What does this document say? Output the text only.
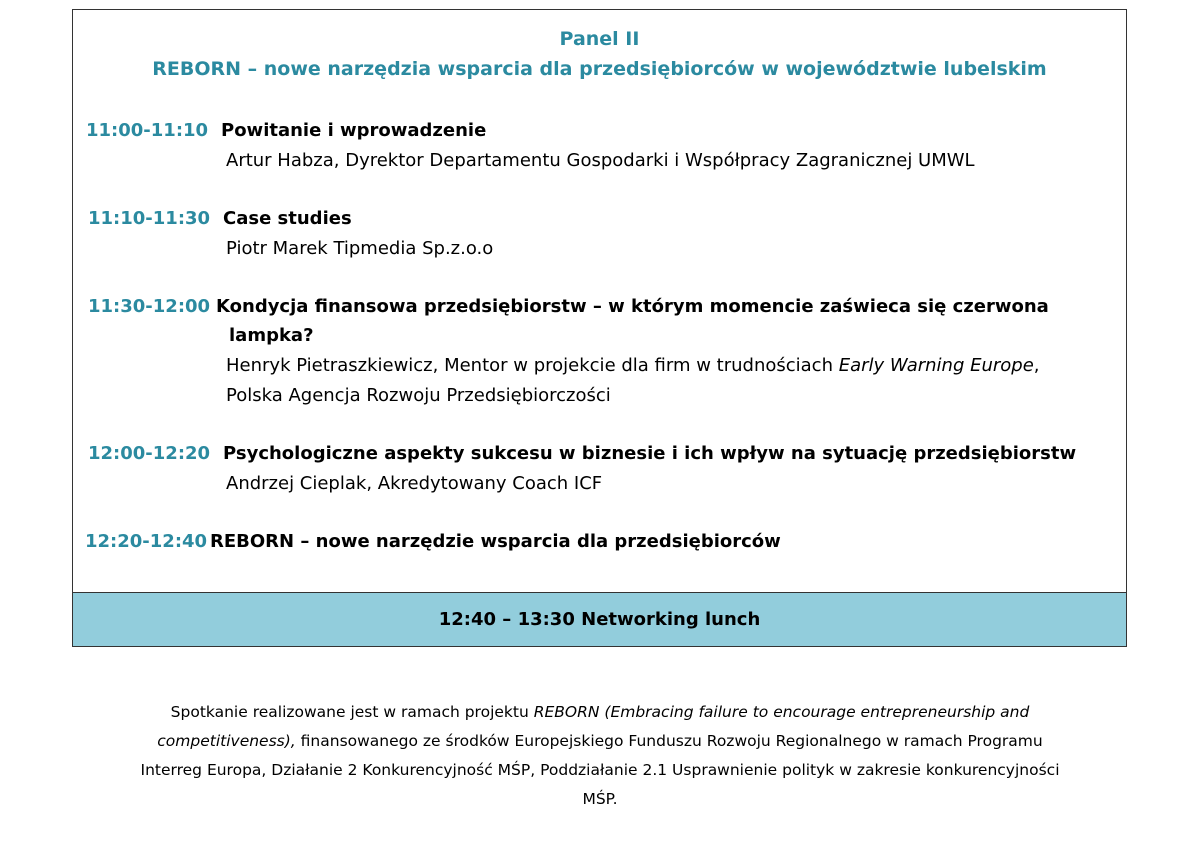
Panel II
REBORN – nowe narzędzia wsparcia dla przedsiębiorców w województwie lubelskim
11:00-11:10 Powitanie i wprowadzenie
Artur Habza, Dyrektor Departamentu Gospodarki i Współpracy Zagranicznej UMWL
11:10-11:30 Case studies
Piotr Marek Tipmedia Sp.z.o.o
11:30-12:00 Kondycja finansowa przedsiębiorstw – w którym momencie zaświeca się czerwona
lampka?
Henryk Pietraszkiewicz, Mentor w projekcie dla firm w trudnościach Early Warning Europe,
Polska Agencja Rozwoju Przedsiębiorczości
12:00-12:20 Psychologiczne aspekty sukcesu w biznesie i ich wpływ na sytuację przedsiębiorstw
Andrzej Cieplak, Akredytowany Coach ICF
12:20-12:40 REBORN – nowe narzędzie wsparcia dla przedsiębiorców
12:40 – 13:30 Networking lunch
Spotkanie realizowane jest w ramach projektu REBORN (Embracing failure to encourage entrepreneurship and competitiveness), finansowanego ze środków Europejskiego Funduszu Rozwoju Regionalnego w ramach Programu Interreg Europa, Działanie 2 Konkurencyjność MŚP, Poddziałanie 2.1 Usprawnienie polityk w zakresie konkurencyjności MŚP.
